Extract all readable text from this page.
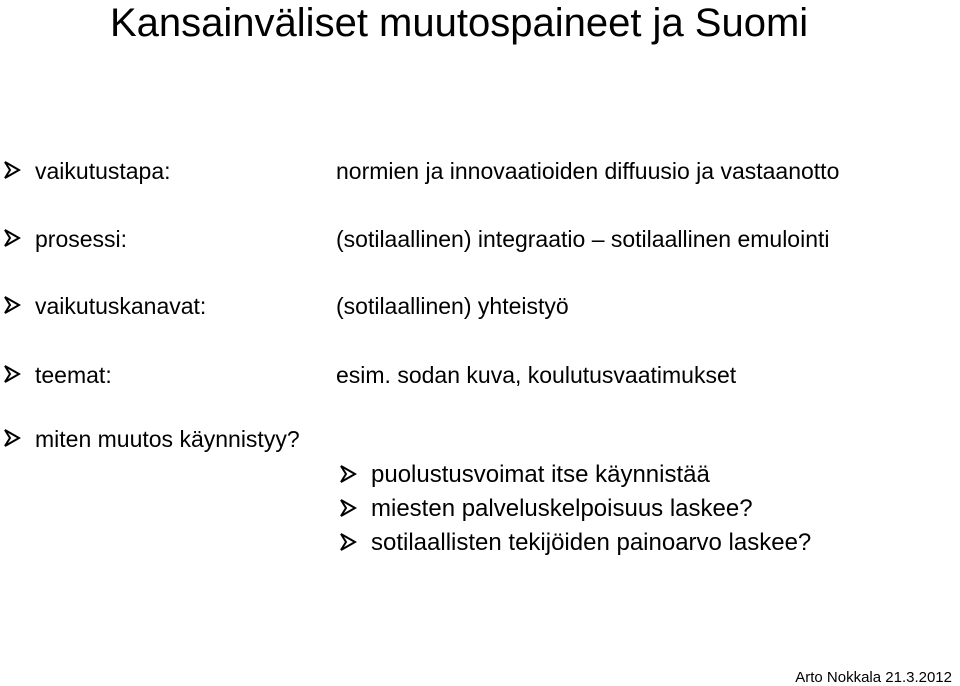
Kansainväliset muutospaineet ja Suomi
vaikutustapa:	normien ja innovaatioiden diffuusio ja vastaanotto
prosessi:	(sotilaallinen) integraatio – sotilaallinen emulointi
vaikutuskanavat:	(sotilaallinen) yhteistyö
teemat:	esim. sodan kuva, koulutusvaatimukset
miten muutos käynnistyy?
puolustusvoimat itse käynnistää
miesten palveluskelpoisuus laskee?
sotilaallisten tekijöiden painoarvo laskee?
Arto Nokkala 21.3.2012
